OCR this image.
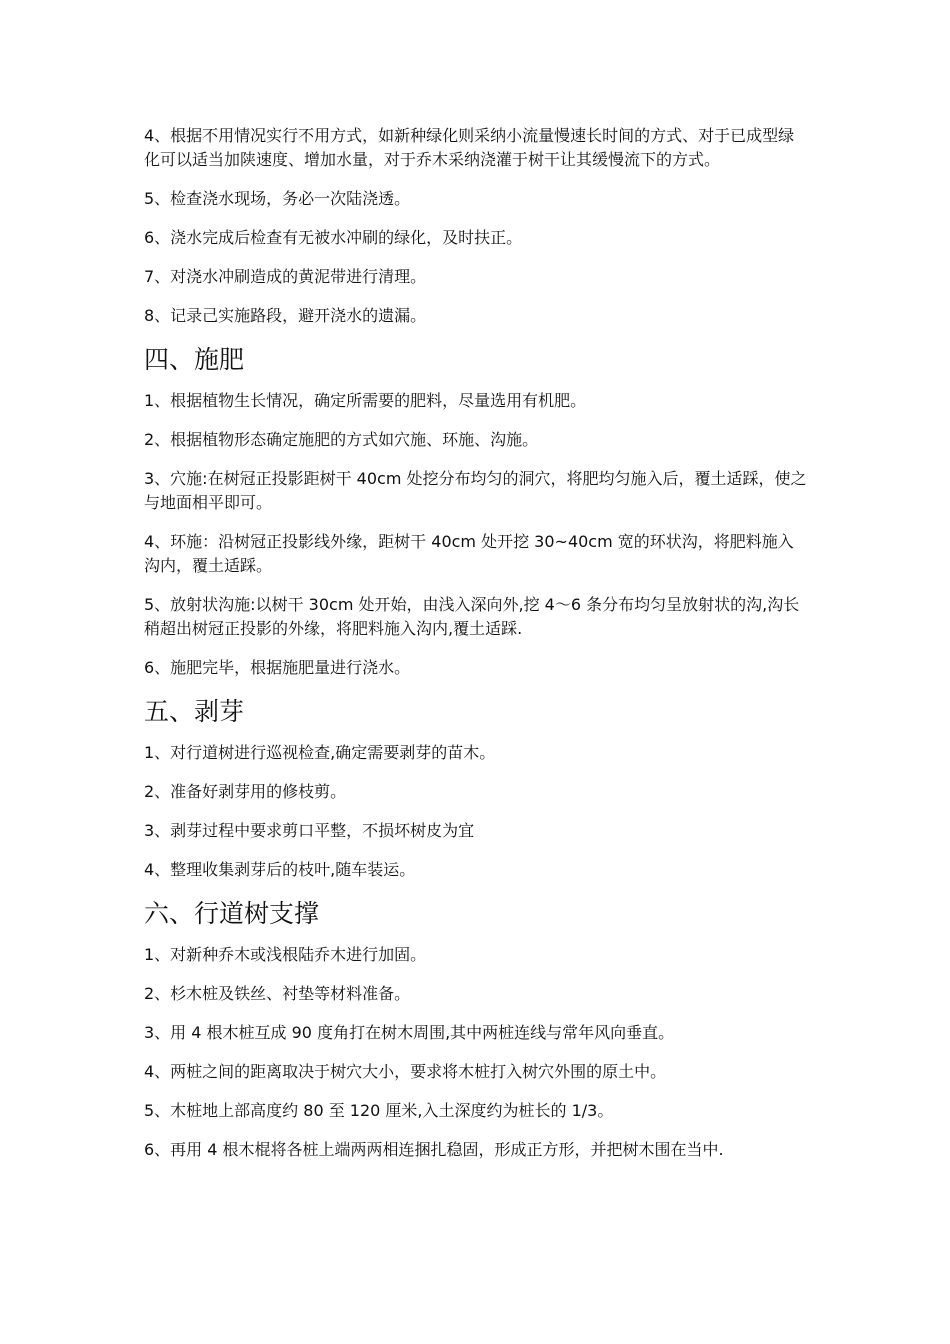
4、根据不用情况实行不用方式，如新种绿化则采纳小流量慢速长时间的方式、对于已成型绿化可以适当加陕速度、增加水量，对于乔木采纳浇灌于树干让其缓慢流下的方式。

5、检查浇水现场，务必一次陆浇透。

6、浇水完成后检查有无被水冲刷的绿化，及时扶正。

7、对浇水冲刷造成的黄泥带进行清理。

8、记录己实施路段，避开浇水的遗漏。

四、施肥

1、根据植物生长情况，确定所需要的肥料，尽量选用有机肥。

2、根据植物形态确定施肥的方式如穴施、环施、沟施。

3、穴施:在树冠正投影距树干 40cm 处挖分布均匀的洞穴，将肥均匀施入后，覆土适踩，使之与地面相平即可。

4、环施：沿树冠正投影线外缘，距树干 40cm 处开挖 30~40cm 宽的环状沟，将肥料施入沟内，覆土适踩。

5、放射状沟施:以树干 30cm 处开始，由浅入深向外,挖 4～6 条分布均匀呈放射状的沟,沟长稍超出树冠正投影的外缘，将肥料施入沟内,覆土适踩.

6、施肥完毕，根据施肥量进行浇水。

五、剥芽

1、对行道树进行巡视检查,确定需要剥芽的苗木。

2、准备好剥芽用的修枝剪。

3、剥芽过程中要求剪口平整，不损坏树皮为宜

4、整理收集剥芽后的枝叶,随车装运。

六、行道树支撑

1、对新种乔木或浅根陆乔木进行加固。

2、杉木桩及铁丝、衬垫等材料准备。

3、用 4 根木桩互成 90 度角打在树木周围,其中两桩连线与常年风向垂直。

4、两桩之间的距离取决于树穴大小，要求将木桩打入树穴外围的原土中。

5、木桩地上部高度约 80 至 120 厘米,入土深度约为桩长的 1/3。

6、再用 4 根木棍将各桩上端两两相连捆扎稳固，形成正方形，并把树木围在当中.
